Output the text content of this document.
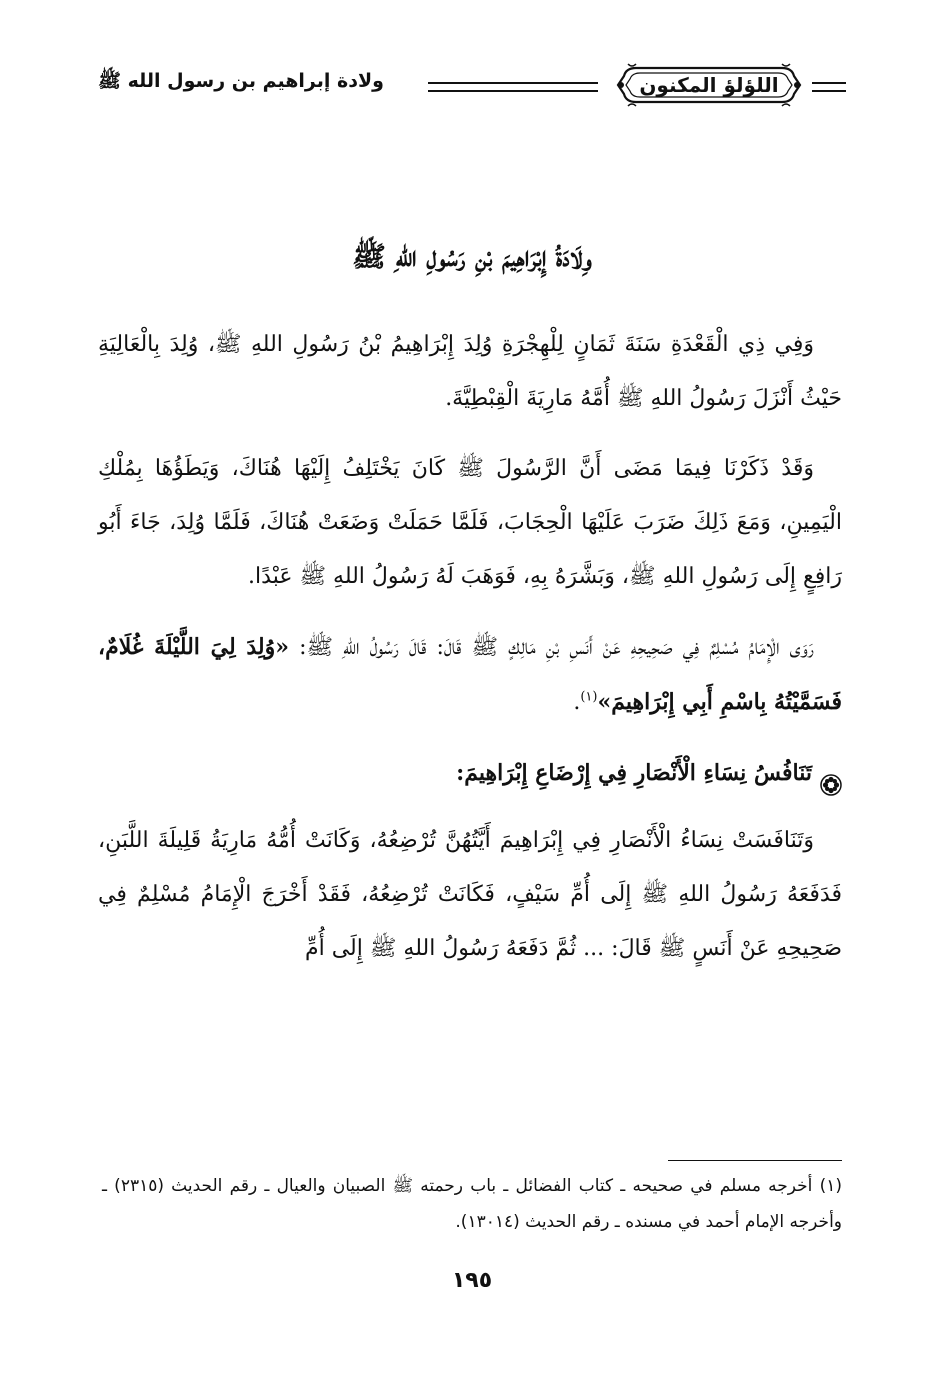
اللؤلؤ المكنون
ولادة إبراهيم بن رسول الله ﷺ
وِلَادَةُ إِبْرَاهِيمَ بْنِ رَسُولِ اللهِ ﷺ

وَفِي ذِي الْقَعْدَةِ سَنَةَ ثَمَانٍ لِلْهِجْرَةِ وُلِدَ إِبْرَاهِيمُ بْنُ رَسُولِ اللهِ ﷺ، وُلِدَ بِالْعَالِيَةِ حَيْثُ أَنْزَلَ رَسُولُ اللهِ ﷺ أُمَّهُ مَارِيَةَ الْقِبْطِيَّةَ.

وَقَدْ ذَكَرْنَا فِيمَا مَضَى أَنَّ الرَّسُولَ ﷺ كَانَ يَخْتَلِفُ إِلَيْهَا هُنَاكَ، وَيَطَؤُهَا بِمُلْكِ الْيَمِينِ، وَمَعَ ذَلِكَ ضَرَبَ عَلَيْهَا الْحِجَابَ، فَلَمَّا حَمَلَتْ وَضَعَتْ هُنَاكَ، فَلَمَّا وُلِدَ، جَاءَ أَبُو رَافِعٍ إِلَى رَسُولِ اللهِ ﷺ، وَبَشَّرَهُ بِهِ، فَوَهَبَ لَهُ رَسُولُ اللهِ ﷺ عَبْدًا.

رَوَى الْإِمَامُ مُسْلِمٌ فِي صَحِيحِهِ عَنْ أَنَسِ بْنِ مَالِكٍ ﷺ قَالَ: قَالَ رَسُولُ اللهِ ﷺ: «وُلِدَ لِيَ اللَّيْلَةَ غُلَامٌ، فَسَمَّيْتُهُ بِاسْمِ أَبِي إِبْرَاهِيمَ»$^{(١)}$.

تَنَافُسُ نِسَاءِ الْأَنْصَارِ فِي إِرْضَاعِ إِبْرَاهِيمَ:

وَتَنَافَسَتْ نِسَاءُ الْأَنْصَارِ فِي إِبْرَاهِيمَ أَيَّتُهُنَّ تُرْضِعُهُ، وَكَانَتْ أُمُّهُ مَارِيَةُ قَلِيلَةَ اللَّبَنِ، فَدَفَعَهُ رَسُولُ اللهِ ﷺ إِلَى أُمِّ سَيْفٍ، فَكَانَتْ تُرْضِعُهُ، فَقَدْ أَخْرَجَ الْإِمَامُ مُسْلِمٌ فِي صَحِيحِهِ عَنْ أَنَسٍ ﷺ قَالَ: ... ثُمَّ دَفَعَهُ رَسُولُ اللهِ ﷺ إِلَى أُمِّ

(١) أخرجه مسلم في صحيحه ـ كتاب الفضائل ـ باب رحمته ﷺ الصبيان والعيال ـ رقم الحديث (٢٣١٥) ـ وأخرجه الإمام أحمد في مسنده ـ رقم الحديث (١٣٠١٤).
١٩٥
